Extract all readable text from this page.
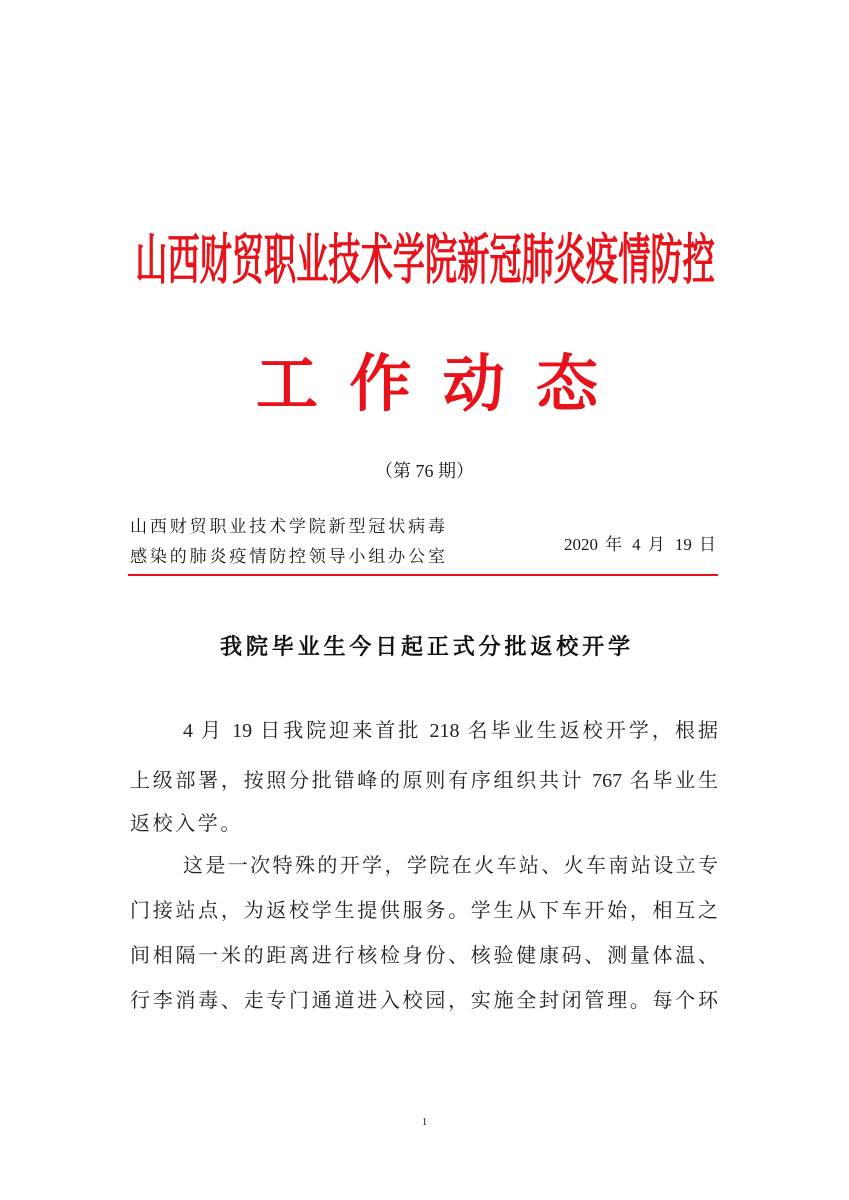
山西财贸职业技术学院新冠肺炎疫情防控
工作动态
（第 76 期）
山西财贸职业技术学院新型冠状病毒
感染的肺炎疫情防控领导小组办公室
2020 年 4 月 19 日
我院毕业生今日起正式分批返校开学
4 月 19 日我院迎来首批 218 名毕业生返校开学，根据
上级部署，按照分批错峰的原则有序组织共计 767 名毕业生
返校入学。
这是一次特殊的开学，学院在火车站、火车南站设立专
门接站点，为返校学生提供服务。学生从下车开始，相互之
间相隔一米的距离进行核检身份、核验健康码、测量体温、
行李消毒、走专门通道进入校园，实施全封闭管理。每个环
1
